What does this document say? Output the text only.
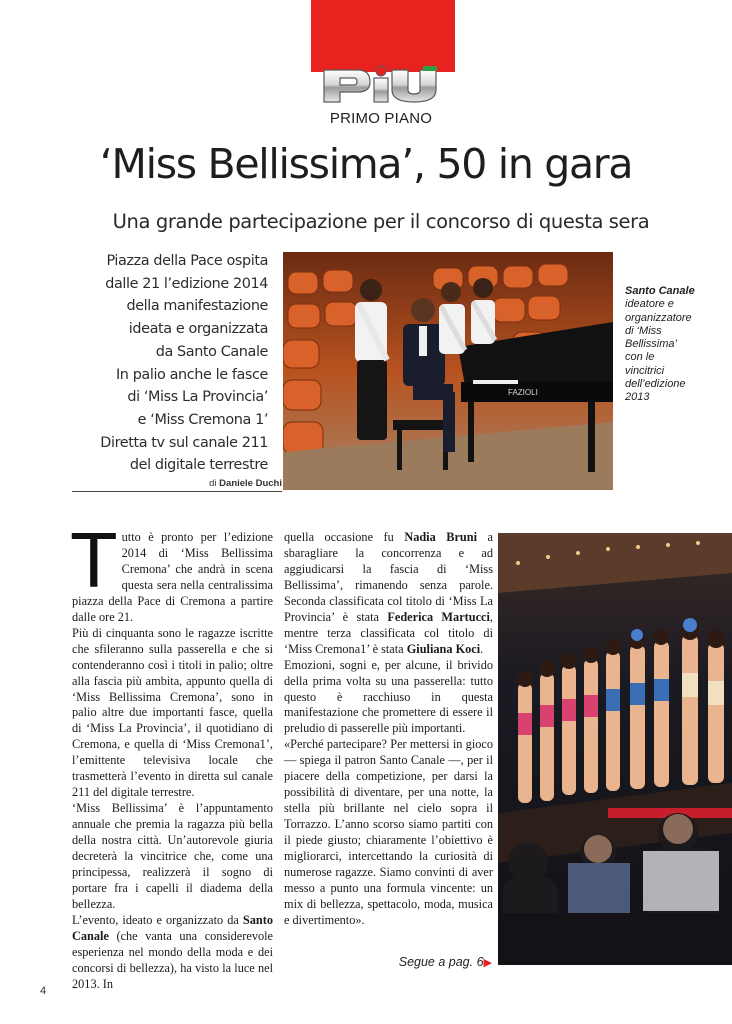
PiU
PRIMO PIANO
‘Miss Bellissima’, 50 in gara
Una grande partecipazione per il concorso di questa sera
Piazza della Pace ospita
dalle 21 l’edizione 2014
della manifestazione
ideata e organizzata
da Santo Canale
In palio anche le fasce
di ‘Miss La Provincia’
e ‘Miss Cremona 1’
Diretta tv sul canale 211
del digitale terrestre
FAZIOLI
Santo Canale
ideatore e
organizzatore
di ‘Miss
Bellissima’
con le
vincitrici
dell’edizione
2013
di Daniele Duchi

Tutto è pronto per l’edizione 2014 di ‘Miss Bellissima Cremona’ che andrà in scena questa sera nella centralissima piazza della Pace di Cremona a partire dalle ore 21.

Più di cinquanta sono le ragazze iscritte che sfileranno sulla passerella e che si contenderanno così i titoli in palio; oltre alla fascia più ambita, appunto quella di ‘Miss Bellissima Cremona’, sono in palio altre due importanti fasce, quella di ‘Miss La Provincia’, il quotidiano di Cremona, e quella di ‘Miss Cremona1’, l’emittente televisiva locale che trasmetterà l’evento in diretta sul canale 211 del digitale terrestre.

‘Miss Bellissima’ è l’appuntamento annuale che premia la ragazza più bella della nostra città. Un’autorevole giuria decreterà la vincitrice che, come una principessa, realizzerà il sogno di portare fra i capelli il diadema della bellezza.

L’evento, ideato e organizzato da Santo Canale (che vanta una considerevole esperienza nel mondo della moda e dei concorsi di bellezza), ha visto la luce nel 2013. In

quella occasione fu Nadia Bruni a sbaragliare la concorrenza e ad aggiudicarsi la fascia di ‘Miss Bellissima’, rimanendo senza parole. Seconda classificata col titolo di ‘Miss La Provincia’ è stata Federica Martucci, mentre terza classificata col titolo di ‘Miss Cremona1’ è stata Giuliana Koci.

Emozioni, sogni e, per alcune, il brivido della prima volta su una passerella: tutto questo è racchiuso in questa manifestazione che promettere di essere il preludio di passerelle più importanti.

«Perché partecipare? Per mettersi in gioco — spiega il patron Santo Canale —, per il piacere della competizione, per darsi la possibilità di diventare, per una notte, la stella più brillante nel cielo sopra il Torrazzo. L’anno scorso siamo partiti con il piede giusto; chiaramente l’obiettivo è migliorarci, intercettando la curiosità di numerose ragazze. Siamo convinti di aver messo a punto una formula vincente: un mix di bellezza, spettacolo, moda, musica e divertimento».

Segue a pag. 6▶
4
